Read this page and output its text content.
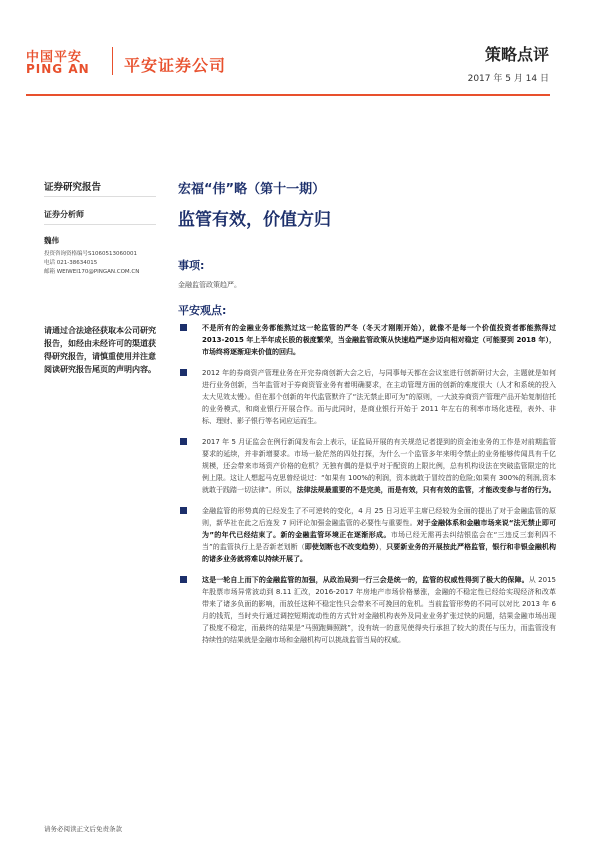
中国平安
PING AN 平安证券公司
策略点评
2017 年 5 月 14 日
证券研究报告
证券分析师
魏伟
投资咨询资格编号S1060513060001
电话 021-38634015
邮箱 WEIWEI170@PINGAN.COM.CN
请通过合法途径获取本公司研究报告，如经由未经许可的渠道获得研究报告，请慎重使用并注意阅读研究报告尾页的声明内容。
宏福“伟”略（第十一期）
监管有效，价值方归
事项:
金融监管政策趋严。
平安观点:
不是所有的金融业务都能熬过这一轮监管的严冬（冬天才刚刚开始），就像不是每一个价值投资者都能熬得过 2013-2015 年上半年成长股的极度繁荣，当金融监管政策从快速趋严逐步迈向相对稳定（可能要到 2018 年），市场终将逐渐迎来价值的回归。
2012 年的券商资产管理业务在开完券商创新大会之后，与同事每天都在会议室进行创新研讨大会，主题就是如何进行业务创新，当年监管对于券商资管业务有着明确要求，在主动管理方面的创新的难度很大（人才和系统的投入太大见效太慢）。但在那个创新的年代监管默许了“法无禁止即可为”的原则，一大波券商资产管理产品开始复制信托的业务模式，和商业银行开展合作。而与此同时，是商业银行开始于 2011 年左右的利率市场化进程，表外、非标、理财、影子银行等名词应运而生。
2017 年 5 月证监会在例行新闻发布会上表示，证监局开展的有关规范记者提到的资金池业务的工作是对前期监管要求的延续，并非新增要求。市场一脸茫然的四处打探，为什么一个监管多年来明令禁止的业务能够传闻具有千亿规模，还会带来市场资产价格的危机？无独有偶的是似乎对于配资的上限比例，总有机构设法在突破监管限定的比例上限。这让人想起马克思曾经说过：“如果有 100%的利润，资本就敢于冒绞首的危险;如果有 300%的利润,资本就敢于践踏一切法律”。所以，法律法规最重要的不是完美，而是有效，只有有效的监管，才能改变参与者的行为。
金融监管的形势真的已经发生了不可逆转的变化，4 月 25 日习近平主席已经较为全面的提出了对于金融监管的原则，新华社在此之后连发 7 问评论加强金融监管的必要性与重要性。对于金融体系和金融市场来说“法无禁止即可为”的年代已经结束了。新的金融监管环境正在逐渐形成。市场已经无需再去纠结银监会在“三违反三套利四不当”的监管执行上是否新老划断（即使划断也不改变趋势），只要新业务的开展按此严格监管，银行和非银金融机构的诸多业务就将难以持续开展了。
这是一轮自上而下的金融监管的加强，从政治局到一行三会是统一的，监管的权威性得到了极大的保障。从 2015 年股票市场异常波动到 8.11 汇改，2016-2017 年房地产市场价格暴涨，金融的不稳定性已经给实现经济和改革带来了诸多负面的影响，而放任这种不稳定性只会带来不可挽回的危机。当前监管形势的不同可以对比 2013 年 6 月的钱荒，当时央行通过调控短期流动性的方式针对金融机构表外及同业业务扩张过快的问题，结果金融市场出现了极度不稳定，而最终的结果是“马照跑舞照跳”，没有统一的意见使得央行承担了较大的责任与压力，而监管没有持续性的结果就是金融市场和金融机构可以挑战监管当局的权威。
请务必阅读正文后免责条款
